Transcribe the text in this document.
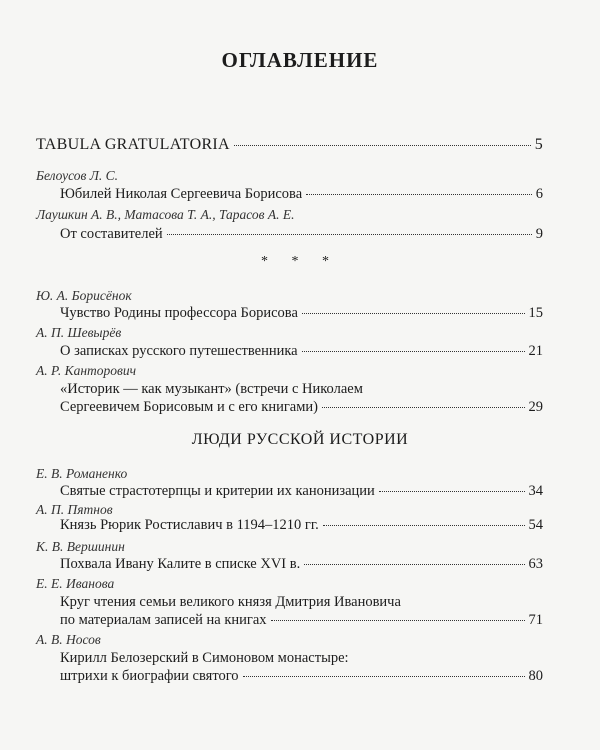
ОГЛАВЛЕНИЕ
TABULA GRATULATORIA	5
Белоусов Л. С.
Юбилей Николая Сергеевича Борисова	6
Лаушкин А. В., Матасова Т. А., Тарасов А. Е.
От составителей	9
* * *
Ю. А. Борисёнок
Чувство Родины профессора Борисова	15
А. П. Шевырёв
О записках русского путешественника	21
А. Р. Канторович
«Историк — как музыкант» (встречи с Николаем
Сергеевичем Борисовым и с его книгами)	29
ЛЮДИ РУССКОЙ ИСТОРИИ
Е. В. Романенко
Святые страстотерпцы и критерии их канонизации	34
А. П. Пятнов
Князь Рюрик Ростиславич в 1194–1210 гг.	54
К. В. Вершинин
Похвала Ивану Калите в списке XVI в.	63
Е. Е. Иванова
Круг чтения семьи великого князя Дмитрия Ивановича
по материалам записей на книгах	71
А. В. Носов
Кирилл Белозерский в Симоновом монастыре:
штрихи к биографии святого	80
